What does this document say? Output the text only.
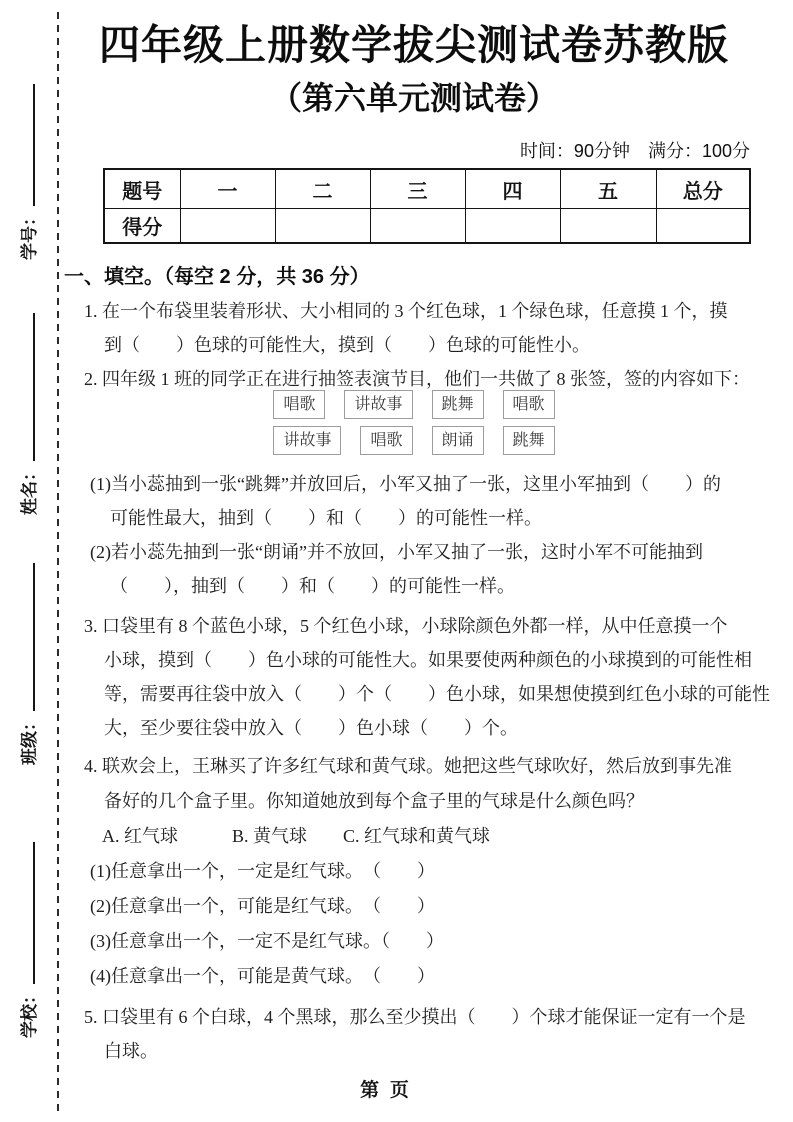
学号：
姓名：
班级：
学校：
四年级上册数学拔尖测试卷苏教版
（第六单元测试卷）
时间：90分钟　满分：100分
题号	一	二	三	四	五	总分
得分						
一、填空。（每空 2 分，共 36 分）
1. 在一个布袋里装着形状、大小相同的 3 个红色球，1 个绿色球，任意摸 1 个，摸
到（　　）色球的可能性大，摸到（　　）色球的可能性小。
2. 四年级 1 班的同学正在进行抽签表演节目，他们一共做了 8 张签，签的内容如下：
唱歌	讲故事	跳舞	唱歌
讲故事	唱歌	朗诵	跳舞
(1)当小蕊抽到一张“跳舞”并放回后，小军又抽了一张，这里小军抽到（　　）的
可能性最大，抽到（　　）和（　　）的可能性一样。
(2)若小蕊先抽到一张“朗诵”并不放回，小军又抽了一张，这时小军不可能抽到
（　　），抽到（　　）和（　　）的可能性一样。
3. 口袋里有 8 个蓝色小球，5 个红色小球，小球除颜色外都一样，从中任意摸一个
小球，摸到（　　）色小球的可能性大。如果要使两种颜色的小球摸到的可能性相
等，需要再往袋中放入（　　）个（　　）色小球，如果想使摸到红色小球的可能性
大，至少要往袋中放入（　　）色小球（　　）个。
4. 联欢会上，王琳买了许多红气球和黄气球。她把这些气球吹好，然后放到事先准
备好的几个盒子里。你知道她放到每个盒子里的气球是什么颜色吗？
A. 红气球　　　B. 黄气球　　C. 红气球和黄气球
(1)任意拿出一个，一定是红气球。　（　　）
(2)任意拿出一个，可能是红气球。　（　　）
(3)任意拿出一个，一定不是红气球。（　　）
(4)任意拿出一个，可能是黄气球。　（　　）
5. 口袋里有 6 个白球，4 个黑球，那么至少摸出（　　）个球才能保证一定有一个是
白球。
第 页
